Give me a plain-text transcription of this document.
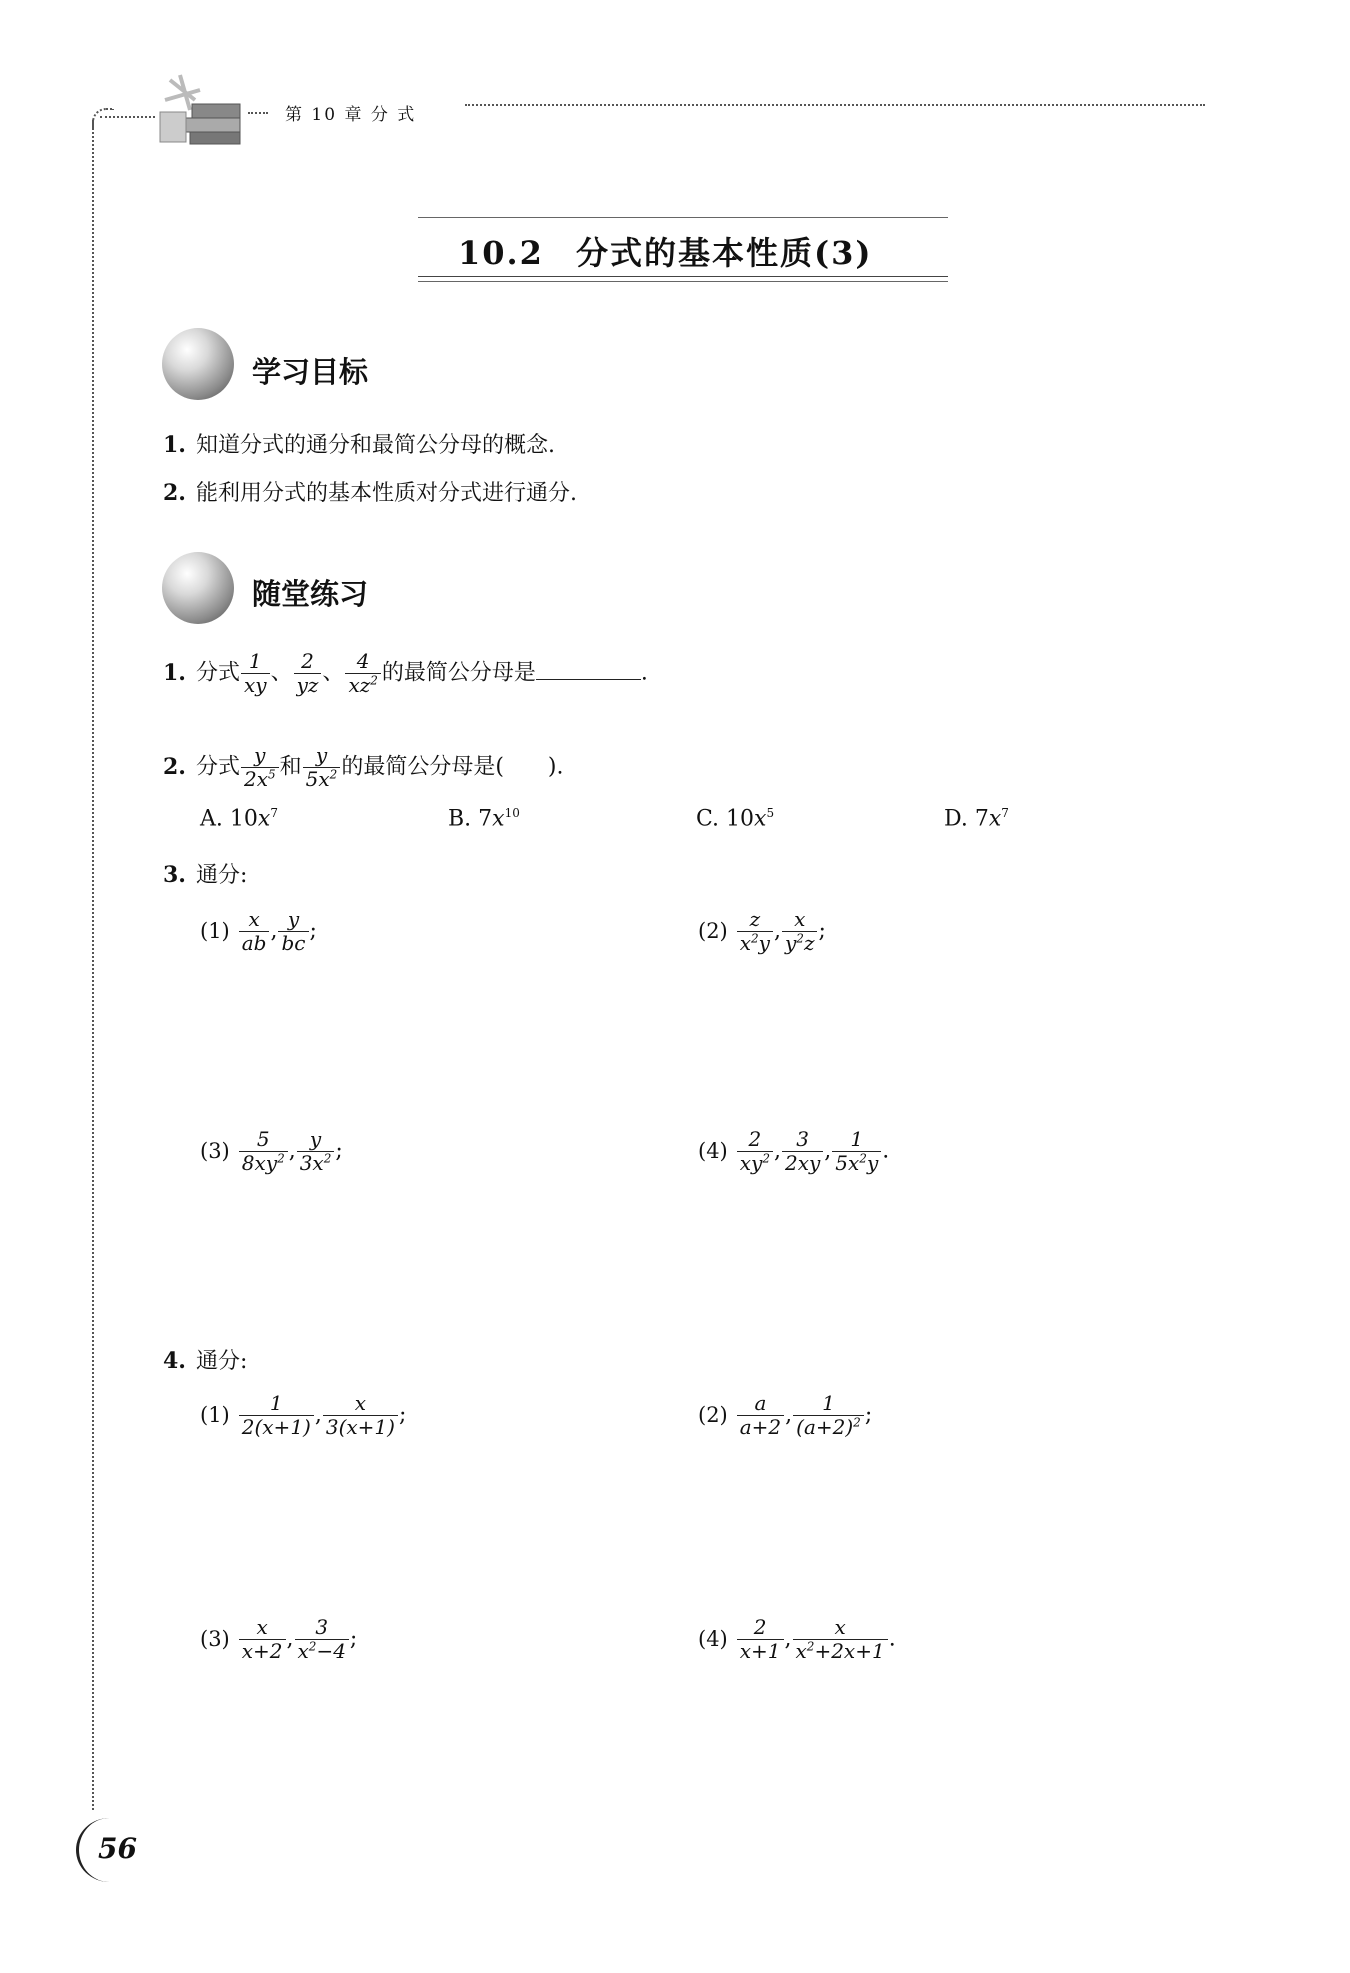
第 10 章 分 式
10.2 分式的基本性质(3)
学习目标
1. 知道分式的通分和最简公分母的概念.
2. 能利用分式的基本性质对分式进行通分.
随堂练习
1. 分式 $\frac{1}{xy}$ 、 $\frac{2}{yz}$ 、 $\frac{4}{xz^2}$ 的最简公分母是	.
2. 分式 $\frac{y}{2x^5}$ 和 $\frac{y}{5x^2}$ 的最简公分母是( ).
A. $10x^7$	B. $7x^{10}$	C. $10x^5$	D. $7x^7$
3. 通分:
$(1) \frac{x}{ab}$ , $\frac{y}{bc}$ ;	$(2) \frac{z}{x^2y}$ , $\frac{x}{y^2z}$ ;
$(3) \frac{5}{8xy^2}$ , $\frac{y}{3x^2}$ ;	$(4) \frac{2}{xy^2}$ , $\frac{3}{2xy}$ , $\frac{1}{5x^2y}$ .
4. 通分:
$(1) \frac{1}{2(x+1)}$ , $\frac{x}{3(x+1)}$ ;	$(2) \frac{a}{a+2}$ , $\frac{1}{(a+2)^2}$ ;
$(3) \frac{x}{x+2}$ , $\frac{3}{x^2-4}$ ;	$(4) \frac{2}{x+1}$ , $\frac{x}{x^2+2x+1}$ .
56
